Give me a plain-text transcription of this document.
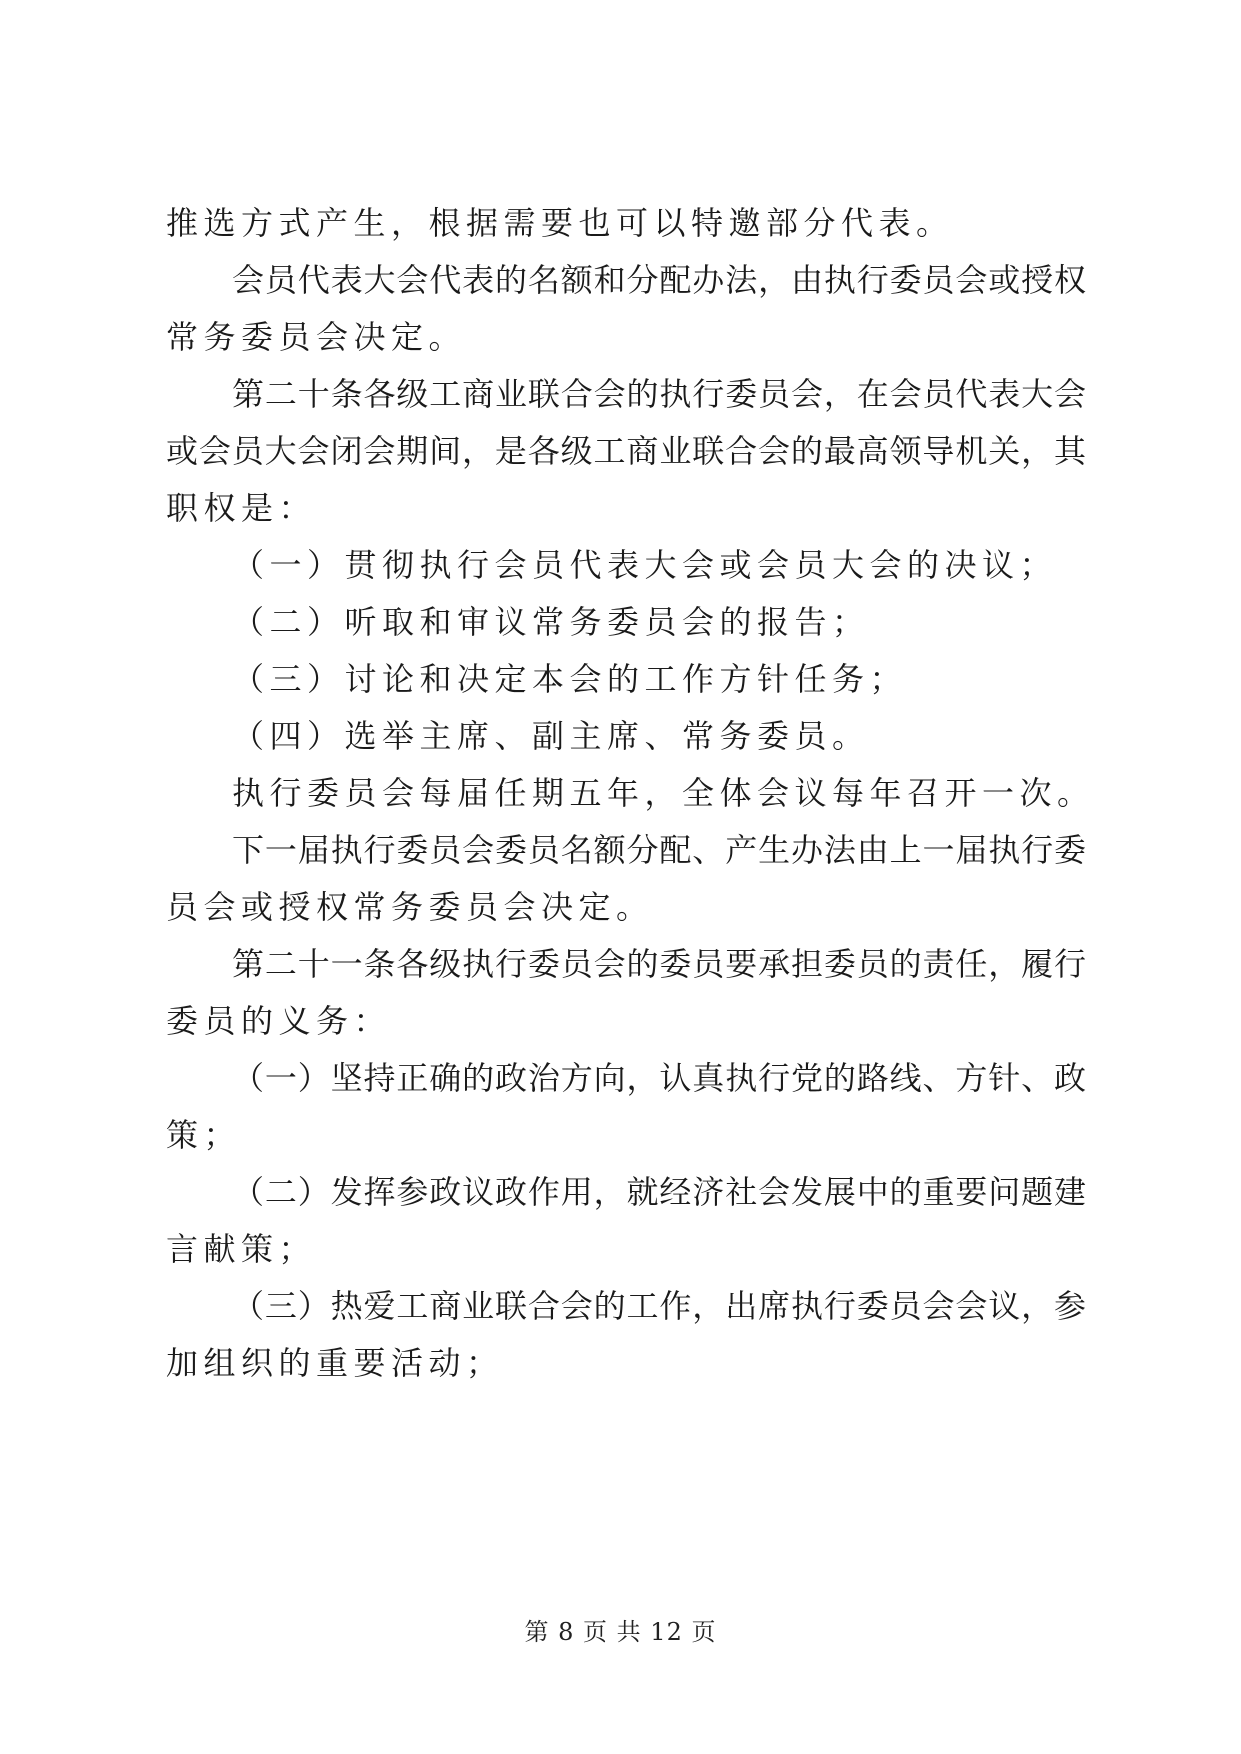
推选方式产生，根据需要也可以特邀部分代表。
会员代表大会代表的名额和分配办法，由执行委员会或授权
常务委员会决定。
第二十条各级工商业联合会的执行委员会，在会员代表大会
或会员大会闭会期间，是各级工商业联合会的最高领导机关，其
职权是：
（一）贯彻执行会员代表大会或会员大会的决议；
（二）听取和审议常务委员会的报告；
（三）讨论和决定本会的工作方针任务；
（四）选举主席、副主席、常务委员。
执行委员会每届任期五年，全体会议每年召开一次。
下一届执行委员会委员名额分配、产生办法由上一届执行委
员会或授权常务委员会决定。
第二十一条各级执行委员会的委员要承担委员的责任，履行
委员的义务：
（一）坚持正确的政治方向，认真执行党的路线、方针、政
策；
（二）发挥参政议政作用，就经济社会发展中的重要问题建
言献策；
（三）热爱工商业联合会的工作，出席执行委员会会议，参
加组织的重要活动；
第 8 页 共 12 页
